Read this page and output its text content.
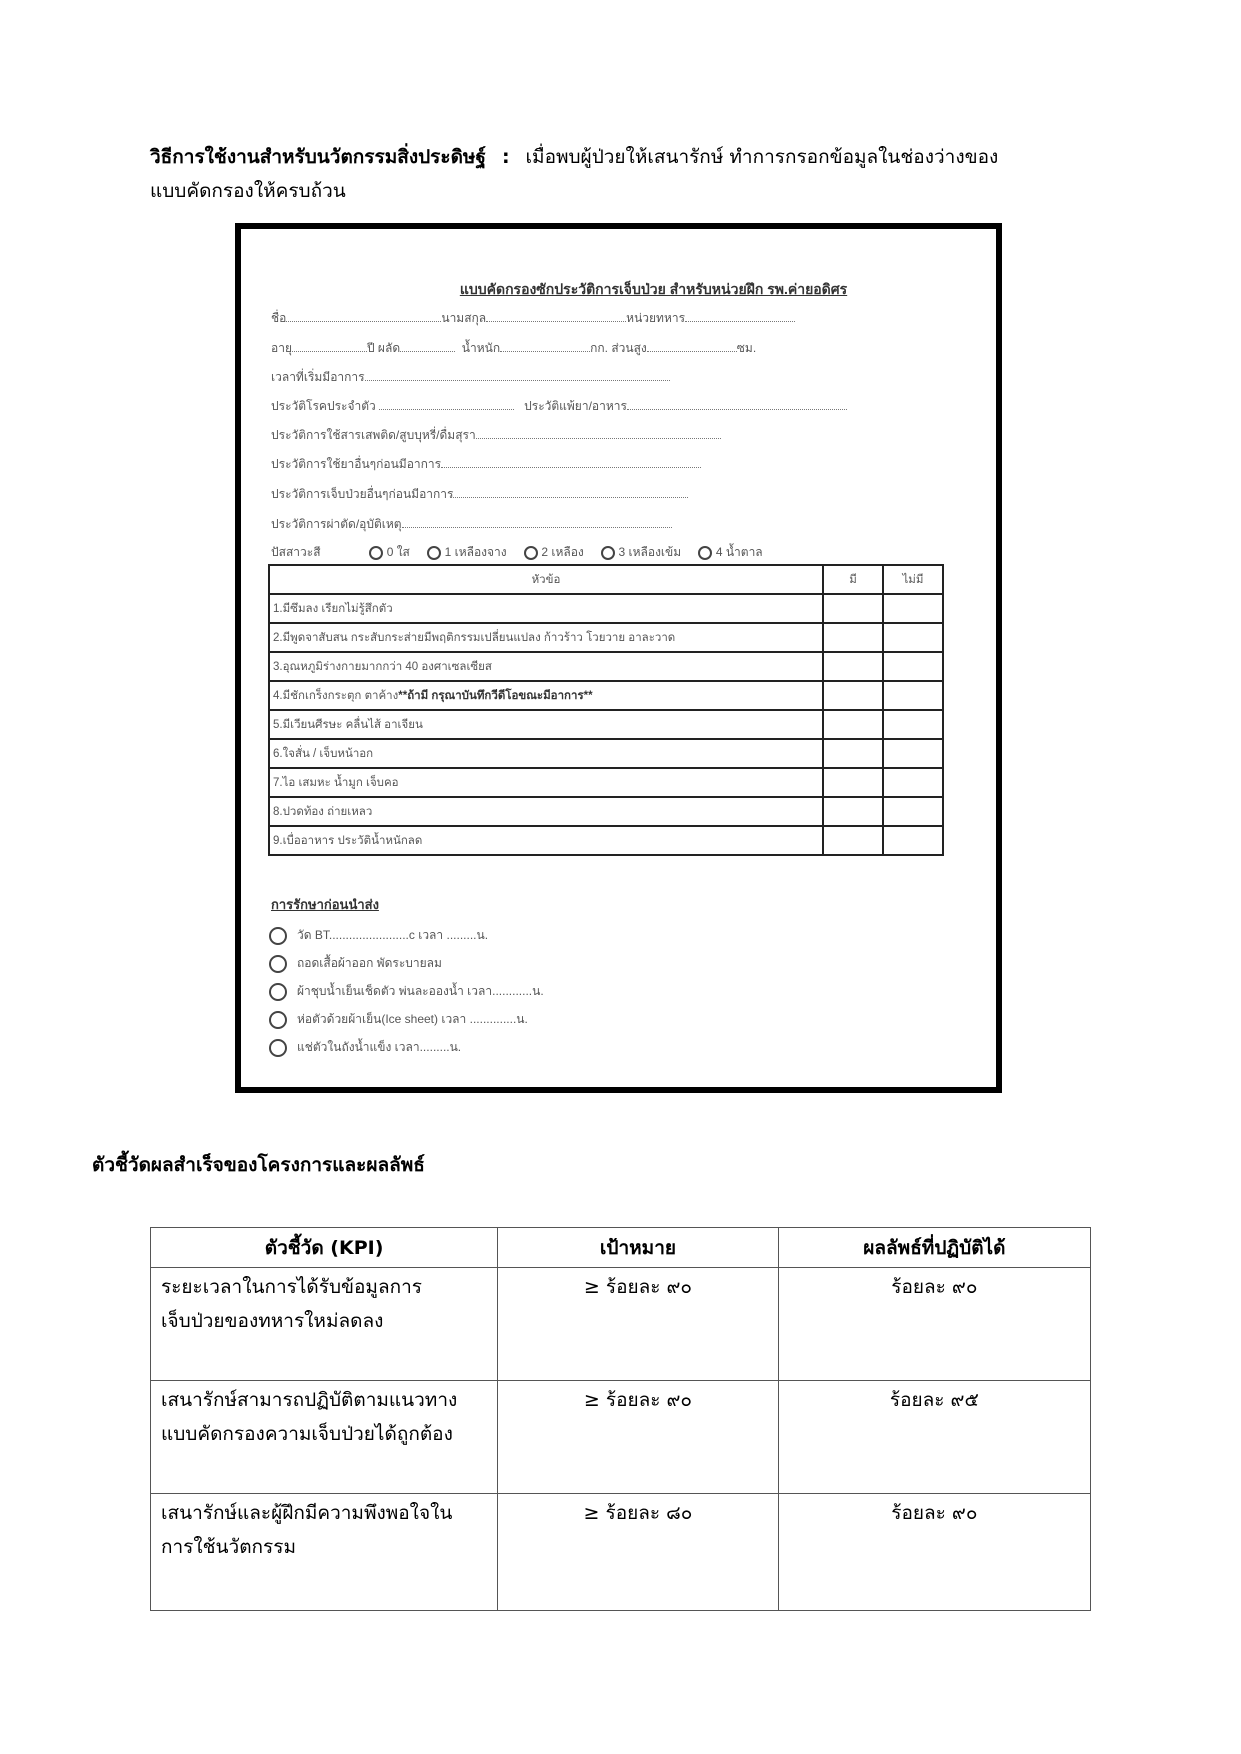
วิธีการใช้งานสำหรับนวัตกรรมสิ่งประดิษฐ์ : เมื่อพบผู้ป่วยให้เสนารักษ์ ทำการกรอกข้อมูลในช่องว่างของ
แบบคัดกรองให้ครบถ้วน
แบบคัดกรองซักประวัติการเจ็บป่วย สำหรับหน่วยฝึก รพ.ค่ายอดิศร
ชื่อ	นามสกุล	หน่วยทหาร
อายุ	ปี ผลัด	น้ำหนัก	กก. ส่วนสูง	ซม.
เวลาที่เริ่มมีอาการ
ประวัติโรคประจำตัว	ประวัติแพ้ยา/อาหาร
ประวัติการใช้สารเสพติด/สูบบุหรี่/ดื่มสุรา
ประวัติการใช้ยาอื่นๆก่อนมีอาการ
ประวัติการเจ็บป่วยอื่นๆก่อนมีอาการ
ประวัติการผ่าตัด/อุบัติเหตุ
ปัสสาวะสี	0 ใส	1 เหลืองจาง	2 เหลือง	3 เหลืองเข้ม	4 น้ำตาล
หัวข้อ	มี	ไม่มี
1.มีซึมลง เรียกไม่รู้สึกตัว		
2.มีพูดจาสับสน กระสับกระส่ายมีพฤติกรรมเปลี่ยนแปลง ก้าวร้าว โวยวาย อาละวาด		
3.อุณหภูมิร่างกายมากกว่า 40 องศาเซลเซียส		
4.มีชักเกร็งกระตุก ตาค้าง**ถ้ามี กรุณาบันทึกวีดีโอขณะมีอาการ**		
5.มีเวียนศีรษะ คลื่นไส้ อาเจียน		
6.ใจสั่น / เจ็บหน้าอก		
7.ไอ เสมหะ น้ำมูก เจ็บคอ		
8.ปวดท้อง ถ่ายเหลว		
9.เบื่ออาหาร ประวัติน้ำหนักลด		
การรักษาก่อนนำส่ง
วัด BT........................c เวลา .........น.
ถอดเสื้อผ้าออก พัดระบายลม
ผ้าชุบน้ำเย็นเช็ดตัว พ่นละอองน้ำ เวลา............น.
ห่อตัวด้วยผ้าเย็น(Ice sheet) เวลา ..............น.
แช่ตัวในถังน้ำแข็ง เวลา.........น.
ตัวชี้วัดผลสำเร็จของโครงการและผลลัพธ์
ตัวชี้วัด (KPI)	เป้าหมาย	ผลลัพธ์ที่ปฏิบัติได้

ระยะเวลาในการได้รับข้อมูลการ
เจ็บป่วยของทหารใหม่ลดลง	≥ ร้อยละ ๙๐	ร้อยละ ๙๐

เสนารักษ์สามารถปฏิบัติตามแนวทาง
แบบคัดกรองความเจ็บป่วยได้ถูกต้อง	≥ ร้อยละ ๙๐	ร้อยละ ๙๕

เสนารักษ์และผู้ฝึกมีความพึงพอใจใน
การใช้นวัตกรรม	≥ ร้อยละ ๘๐	ร้อยละ ๙๐
